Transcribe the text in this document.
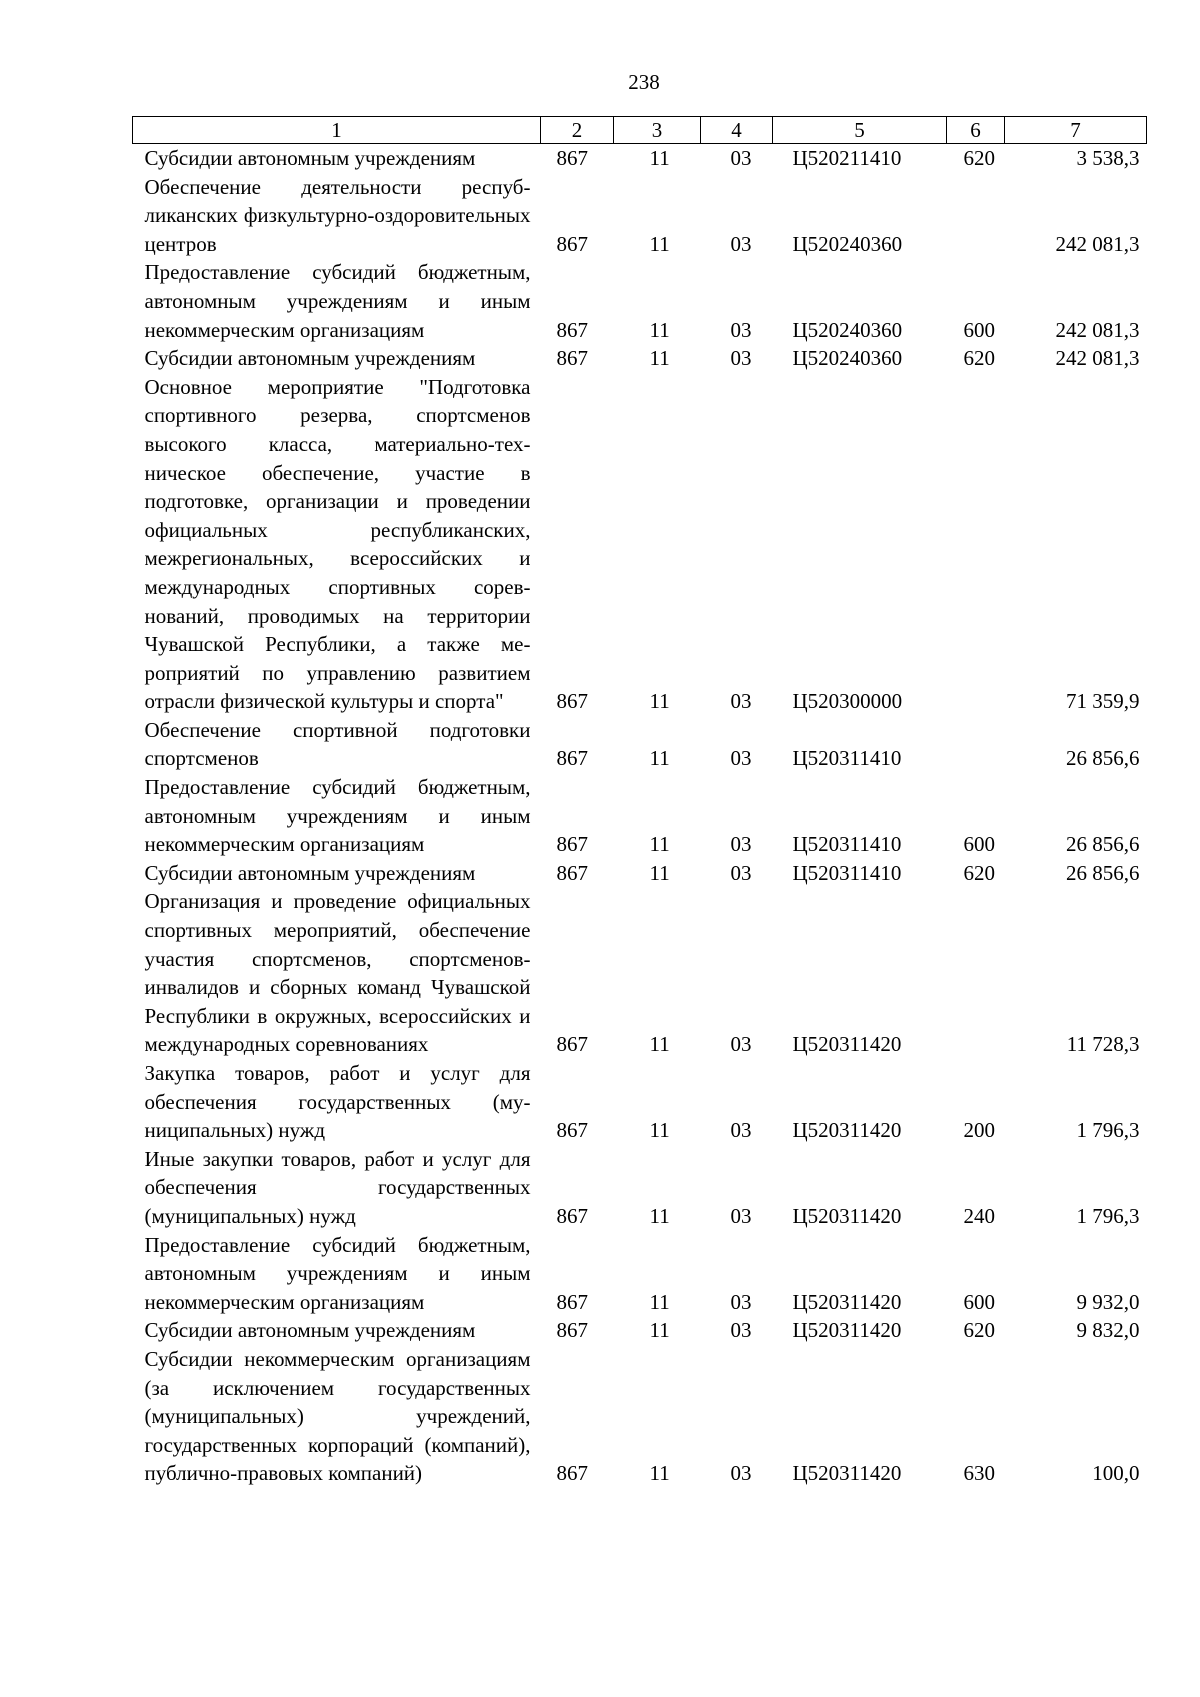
238
1	2	3	4	5	6	7
Субсидии автономным учреждениям	867	11	03	Ц520211410	620	3 538,3
Обеспечение деятельности республиканских физкультурно-оздоровительных центров	867	11	03	Ц520240360		242 081,3
Предоставление субсидий бюджетным, автономным учреждениям и иным некоммерческим организациям	867	11	03	Ц520240360	600	242 081,3
Субсидии автономным учреждениям	867	11	03	Ц520240360	620	242 081,3
Основное мероприятие "Подготовка спортивного резерва, спортсменов высокого класса, материально-техническое обеспечение, участие в подготовке, организации и проведении официальных республиканских, межрегиональных, всероссийских и международных спортивных соревнований, проводимых на территории Чувашской Республики, а также мероприятий по управлению развитием отрасли физической культуры и спорта"	867	11	03	Ц520300000		71 359,9
Обеспечение спортивной подготовки спортсменов	867	11	03	Ц520311410		26 856,6
Предоставление субсидий бюджетным, автономным учреждениям и иным некоммерческим организациям	867	11	03	Ц520311410	600	26 856,6
Субсидии автономным учреждениям	867	11	03	Ц520311410	620	26 856,6
Организация и проведение официальных спортивных мероприятий, обеспечение участия спортсменов, спортсменов-инвалидов и сборных команд Чувашской Республики в окружных, всероссийских и международных соревнованиях	867	11	03	Ц520311420		11 728,3
Закупка товаров, работ и услуг для обеспечения государственных (муниципальных) нужд	867	11	03	Ц520311420	200	1 796,3
Иные закупки товаров, работ и услуг для обеспечения государственных (муниципальных) нужд	867	11	03	Ц520311420	240	1 796,3
Предоставление субсидий бюджетным, автономным учреждениям и иным некоммерческим организациям	867	11	03	Ц520311420	600	9 932,0
Субсидии автономным учреждениям	867	11	03	Ц520311420	620	9 832,0
Субсидии некоммерческим организациям (за исключением государственных (муниципальных) учреждений, государственных корпораций (компаний), публично-правовых компаний)	867	11	03	Ц520311420	630	100,0
